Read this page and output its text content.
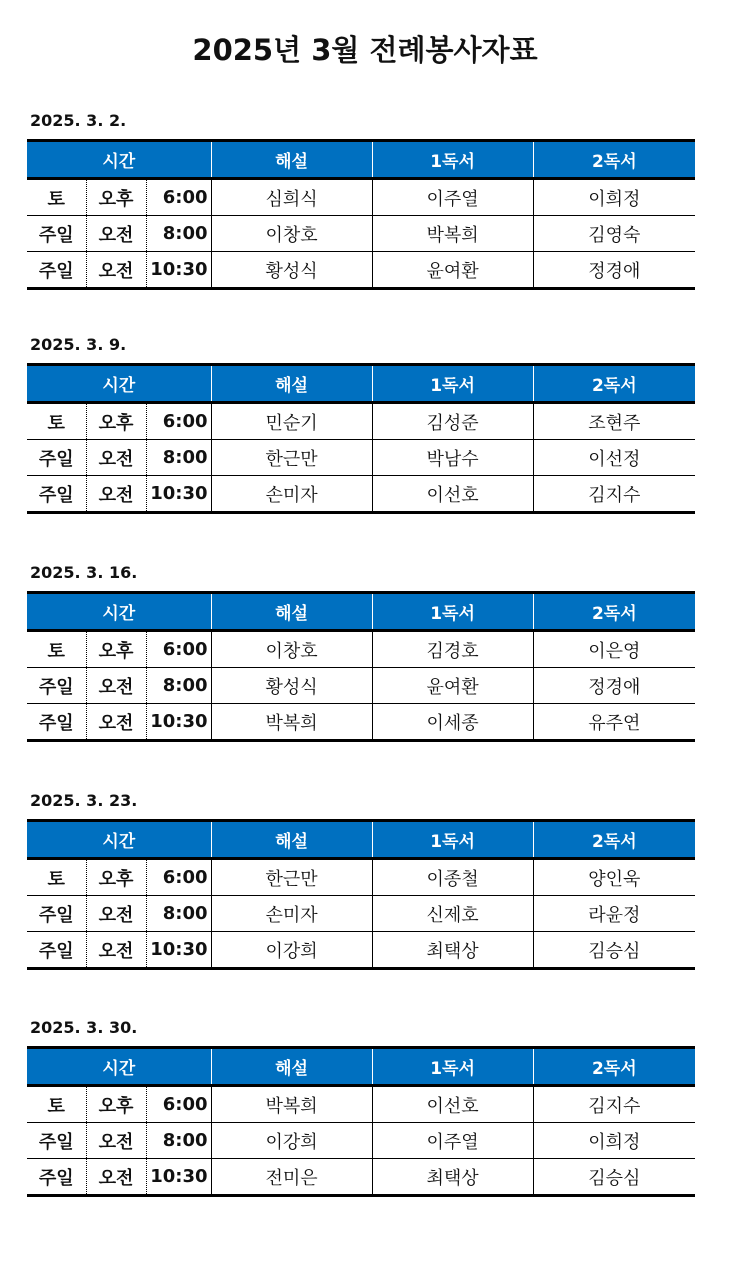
2025년 3월 전례봉사자표
2025. 3. 2.
시간			해설	1독서	2독서
토	오후	6:00	심희식	이주열	이희정
주일	오전	8:00	이창호	박복희	김영숙
주일	오전	10:30	황성식	윤여환	정경애
2025. 3. 9.
시간			해설	1독서	2독서
토	오후	6:00	민순기	김성준	조현주
주일	오전	8:00	한근만	박남수	이선정
주일	오전	10:30	손미자	이선호	김지수
2025. 3. 16.
시간			해설	1독서	2독서
토	오후	6:00	이창호	김경호	이은영
주일	오전	8:00	황성식	윤여환	정경애
주일	오전	10:30	박복희	이세종	유주연
2025. 3. 23.
시간			해설	1독서	2독서
토	오후	6:00	한근만	이종철	양인욱
주일	오전	8:00	손미자	신제호	라윤정
주일	오전	10:30	이강희	최택상	김승심
2025. 3. 30.
시간			해설	1독서	2독서
토	오후	6:00	박복희	이선호	김지수
주일	오전	8:00	이강희	이주열	이희정
주일	오전	10:30	전미은	최택상	김승심
